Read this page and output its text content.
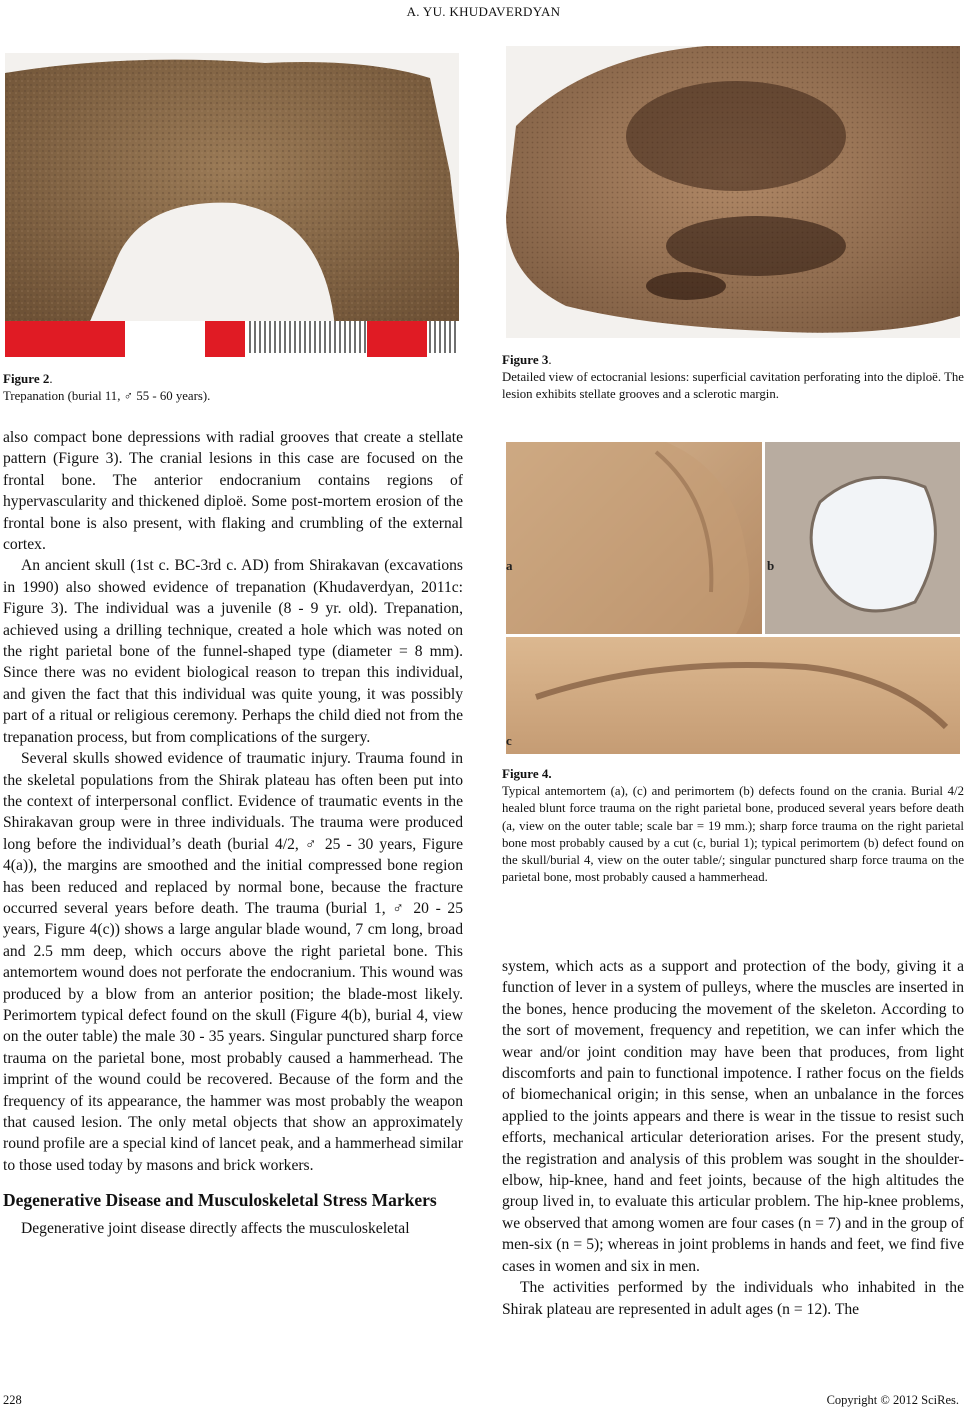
A. YU. KHUDAVERDYAN
Figure 2.
Trepanation (burial 11, ♂ 55 - 60 years).
Figure 3.
Detailed view of ectocranial lesions: superficial cavitation perforating into the diploë. The lesion exhibits stellate grooves and a sclerotic margin.
a	b
c
Figure 4.
Typical antemortem (a), (c) and perimortem (b) defects found on the crania. Burial 4/2 healed blunt force trauma on the right parietal bone, produced several years before death (a, view on the outer table; scale bar = 19 mm.); sharp force trauma on the right parietal bone most probably caused by a cut (c, burial 1); typical perimortem (b) defect found on the skull/burial 4, view on the outer table/; singular punctured sharp force trauma on the parietal bone, most probably caused a hammerhead.

also compact bone depressions with radial grooves that create a stellate pattern (Figure 3). The cranial lesions in this case are focused on the frontal bone. The anterior endocranium contains regions of hypervascularity and thickened diploë. Some post-mortem erosion of the frontal bone is also present, with flaking and crumbling of the external cortex.

An ancient skull (1st c. BC-3rd c. AD) from Shirakavan (excavations in 1990) also showed evidence of trepanation (Khudaverdyan, 2011c: Figure 3). The individual was a juvenile (8 - 9 yr. old). Trepanation, achieved using a drilling technique, created a hole which was noted on the right parietal bone of the funnel-shaped type (diameter = 8 mm). Since there was no evident biological reason to trepan this individual, and given the fact that this individual was quite young, it was possibly part of a ritual or religious ceremony. Perhaps the child died not from the trepanation process, but from complications of the surgery.

Several skulls showed evidence of traumatic injury. Trauma found in the skeletal populations from the Shirak plateau has often been put into the context of interpersonal conflict. Evidence of traumatic events in the Shirakavan group were in three individuals. The trauma were produced long before the individual’s death (burial 4/2, ♂ 25 - 30 years, Figure 4(a)), the margins are smoothed and the initial compressed bone region has been reduced and replaced by normal bone, because the fracture occurred several years before death. The trauma (burial 1, ♂ 20 - 25 years, Figure 4(c)) shows a large angular blade wound, 7 cm long, broad and 2.5 mm deep, which occurs above the right parietal bone. This antemortem wound does not perforate the endocranium. This wound was produced by a blow from an anterior position; the blade-most likely. Perimortem typical defect found on the skull (Figure 4(b), burial 4, view on the outer table) the male 30 - 35 years. Singular punctured sharp force trauma on the parietal bone, most probably caused a hammerhead. The imprint of the wound could be recovered. Because of the form and the frequency of its appearance, the hammer was most probably the weapon that caused lesion. The only metal objects that show an approximately round profile are a special kind of lancet peak, and a hammerhead similar to those used today by masons and brick workers.

Degenerative Disease and Musculoskeletal Stress Markers

Degenerative joint disease directly affects the musculoskeletal

system, which acts as a support and protection of the body, giving it a function of lever in a system of pulleys, where the muscles are inserted in the bones, hence producing the movement of the skeleton. According to the sort of movement, frequency and repetition, we can infer which the wear and/or joint condition may have been that produces, from light discomforts and pain to functional impotence. I rather focus on the fields of biomechanical origin; in this sense, when an unbalance in the forces applied to the joints appears and there is wear in the tissue to resist such efforts, mechanical articular deterioration arises. For the present study, the registration and analysis of this problem was sought in the shoulder-elbow, hip-knee, hand and feet joints, because of the high altitudes the group lived in, to evaluate this articular problem. The hip-knee problems, we observed that among women are four cases (n = 7) and in the group of men-six (n = 5); whereas in joint problems in hands and feet, we find five cases in women and six in men.

The activities performed by the individuals who inhabited in the Shirak plateau are represented in adult ages (n = 12). The

228	Copyright © 2012 SciRes.
